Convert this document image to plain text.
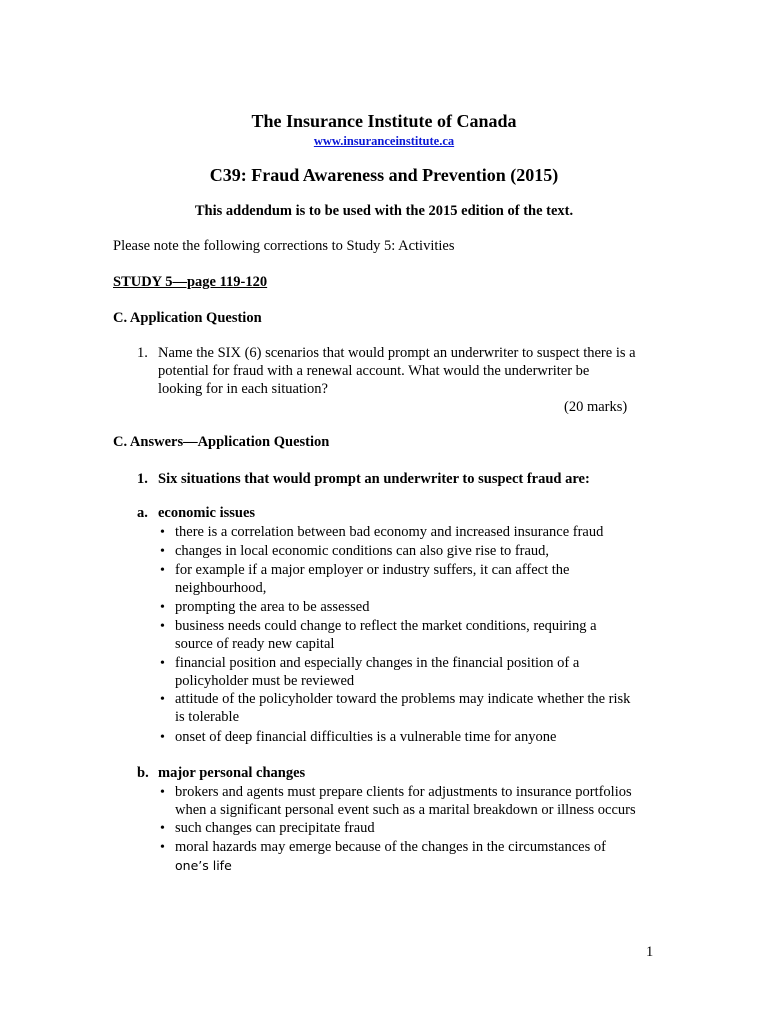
The Insurance Institute of Canada
www.insuranceinstitute.ca
C39: Fraud Awareness and Prevention (2015)
This addendum is to be used with the 2015 edition of the text.
Please note the following corrections to Study 5: Activities
STUDY 5—page 119-120
C. Application Question
1. Name the SIX (6) scenarios that would prompt an underwriter to suspect there is a
potential for fraud with a renewal account. What would the underwriter be
looking for in each situation?
(20 marks)
C. Answers—Application Question
1. Six situations that would prompt an underwriter to suspect fraud are:
a. economic issues
• there is a correlation between bad economy and increased insurance fraud
• changes in local economic conditions can also give rise to fraud,
• for example if a major employer or industry suffers, it can affect the
neighbourhood,
• prompting the area to be assessed
• business needs could change to reflect the market conditions, requiring a
source of ready new capital
• financial position and especially changes in the financial position of a
policyholder must be reviewed
• attitude of the policyholder toward the problems may indicate whether the risk
is tolerable
• onset of deep financial difficulties is a vulnerable time for anyone
b. major personal changes
• brokers and agents must prepare clients for adjustments to insurance portfolios
when a significant personal event such as a marital breakdown or illness occurs
• such changes can precipitate fraud
• moral hazards may emerge because of the changes in the circumstances of
one’s life
1
